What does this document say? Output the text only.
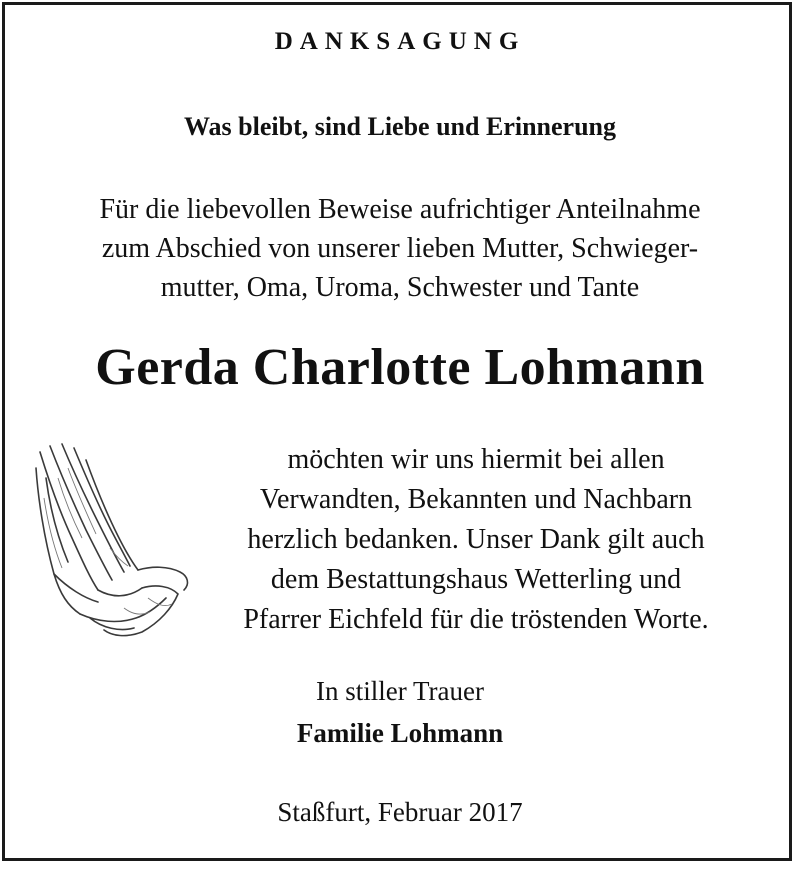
DANKSAGUNG
Was bleibt, sind Liebe und Erinnerung
Für die liebevollen Beweise aufrichtiger Anteilnahme
zum Abschied von unserer lieben Mutter, Schwieger-
mutter, Oma, Uroma, Schwester und Tante
Gerda Charlotte Lohmann
möchten wir uns hiermit bei allen
Verwandten, Bekannten und Nachbarn
herzlich bedanken. Unser Dank gilt auch
dem Bestattungshaus Wetterling und
Pfarrer Eichfeld für die tröstenden Worte.
In stiller Trauer
Familie Lohmann
Staßfurt, Februar 2017
